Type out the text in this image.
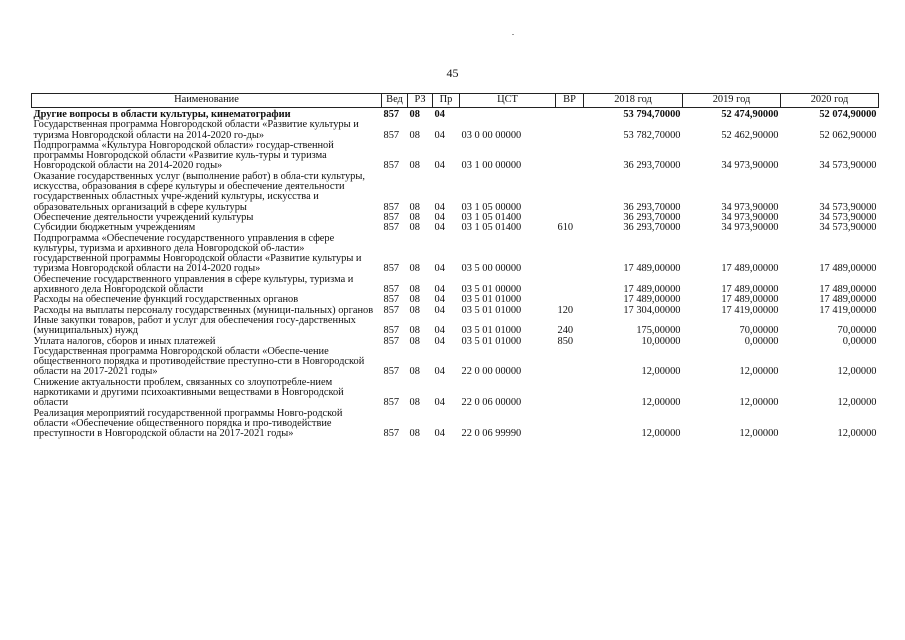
45
Наименование	Вед	РЗ	Пр	ЦСТ	ВР	2018 год	2019 год	2020 год
Другие вопросы в области культуры, кинематографии	857	08	04			53 794,70000	52 474,90000	52 074,90000
Государственная программа Новгородской области «Развитие культуры и туризма Новгородской области на 2014-2020 го-ды»	857	08	04	03 0 00 00000		53 782,70000	52 462,90000	52 062,90000
Подпрограмма «Культура Новгородской области» государ-ственной программы Новгородской области «Развитие куль-туры и туризма Новгородской области на 2014-2020 годы»	857	08	04	03 1 00 00000		36 293,70000	34 973,90000	34 573,90000
Оказание государственных услуг (выполнение работ) в обла-сти культуры, искусства, образования в сфере культуры и обеспечение деятельности государственных областных учре-ждений культуры, искусства и образовательных организаций в сфере культуры	857	08	04	03 1 05 00000		36 293,70000	34 973,90000	34 573,90000
Обеспечение деятельности учреждений культуры	857	08	04	03 1 05 01400		36 293,70000	34 973,90000	34 573,90000
Субсидии бюджетным учреждениям	857	08	04	03 1 05 01400	610	36 293,70000	34 973,90000	34 573,90000
Подпрограмма «Обеспечение государственного управления в сфере культуры, туризма и архивного дела Новгородской об-ласти» государственной программы Новгородской области «Развитие культуры и туризма Новгородской области на 2014-2020 годы»	857	08	04	03 5 00 00000		17 489,00000	17 489,00000	17 489,00000
Обеспечение государственного управления в сфере культуры, туризма и архивного дела Новгородской области	857	08	04	03 5 01 00000		17 489,00000	17 489,00000	17 489,00000
Расходы на обеспечение функций государственных органов	857	08	04	03 5 01 01000		17 489,00000	17 489,00000	17 489,00000
Расходы на выплаты персоналу государственных (муници-пальных) органов	857	08	04	03 5 01 01000	120	17 304,00000	17 419,00000	17 419,00000
Иные закупки товаров, работ и услуг для обеспечения госу-дарственных (муниципальных) нужд	857	08	04	03 5 01 01000	240	175,00000	70,00000	70,00000
Уплата налогов, сборов и иных платежей	857	08	04	03 5 01 01000	850	10,00000	0,00000	0,00000
Государственная программа Новгородской области «Обеспе-чение общественного порядка и противодействие преступно-сти в Новгородской области на 2017-2021 годы»	857	08	04	22 0 00 00000		12,00000	12,00000	12,00000
Снижение актуальности проблем, связанных со злоупотребле-нием наркотиками и другими психоактивными веществами в Новгородской области	857	08	04	22 0 06 00000		12,00000	12,00000	12,00000
Реализация мероприятий государственной программы Новго-родской области «Обеспечение общественного порядка и про-тиводействие преступности в Новгородской области на 2017-2021 годы»	857	08	04	22 0 06 99990		12,00000	12,00000	12,00000
